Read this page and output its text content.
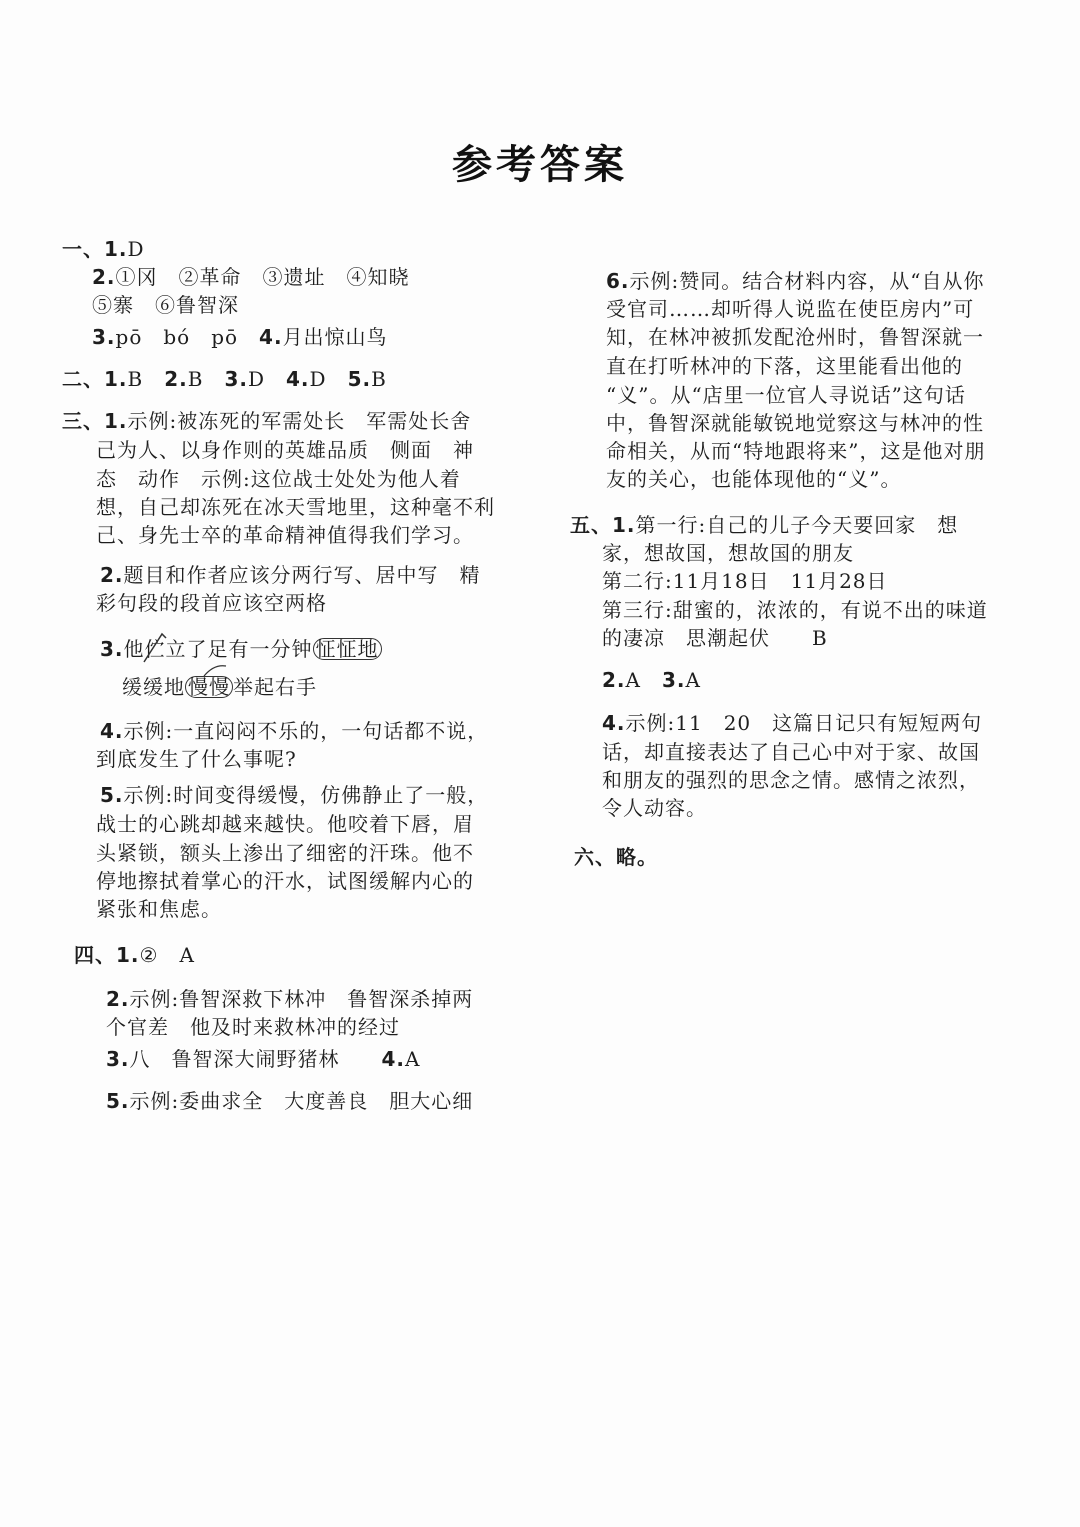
参考答案
一、1.D
2.①冈　②革命　③遗址　④知晓
⑤寨　⑥鲁智深
3.pō　bó　pō　 4.月出惊山鸟
二、1.B　 2.B　 3.D　 4.D　 5.B
三、1.示例:被冻死的军需处长　军需处长舍
己为人、以身作则的英雄品质　侧面　神
态　动作　示例:这位战士处处为他人着
想，自己却冻死在冰天雪地里，这种毫不利
己、身先士卒的革命精神值得我们学习。
2.题目和作者应该分两行写、居中写　精
彩句段的段首应该空两格
3.他伫立了足有一分钟 怔怔地
缓缓地 慢慢 举起右手
4.示例:一直闷闷不乐的，一句话都不说，
到底发生了什么事呢?
5.示例:时间变得缓慢，仿佛静止了一般，
战士的心跳却越来越快。他咬着下唇，眉
头紧锁，额头上渗出了细密的汗珠。他不
停地擦拭着掌心的汗水，试图缓解内心的
紧张和焦虑。
四、1.②　A
2.示例:鲁智深救下林冲　鲁智深杀掉两
个官差　他及时来救林冲的经过
3.八　鲁智深大闹野猪林　　 4.A
5.示例:委曲求全　大度善良　胆大心细
6.示例:赞同。结合材料内容，从“自从你
受官司……却听得人说监在使臣房内”可
知，在林冲被抓发配沧州时，鲁智深就一
直在打听林冲的下落，这里能看出他的
“义”。从“店里一位官人寻说话”这句话
中，鲁智深就能敏锐地觉察这与林冲的性
命相关，从而“特地跟将来”，这是他对朋
友的关心，也能体现他的“义”。
五、1.第一行:自己的儿子今天要回家　想
家，想故国，想故国的朋友
第二行:11月18日　11月28日
第三行:甜蜜的，浓浓的，有说不出的味道
的凄凉　思潮起伏　　B
2.A　 3.A
4.示例:11　20　这篇日记只有短短两句
话，却直接表达了自己心中对于家、故国
和朋友的强烈的思念之情。感情之浓烈，
令人动容。
六、略。
